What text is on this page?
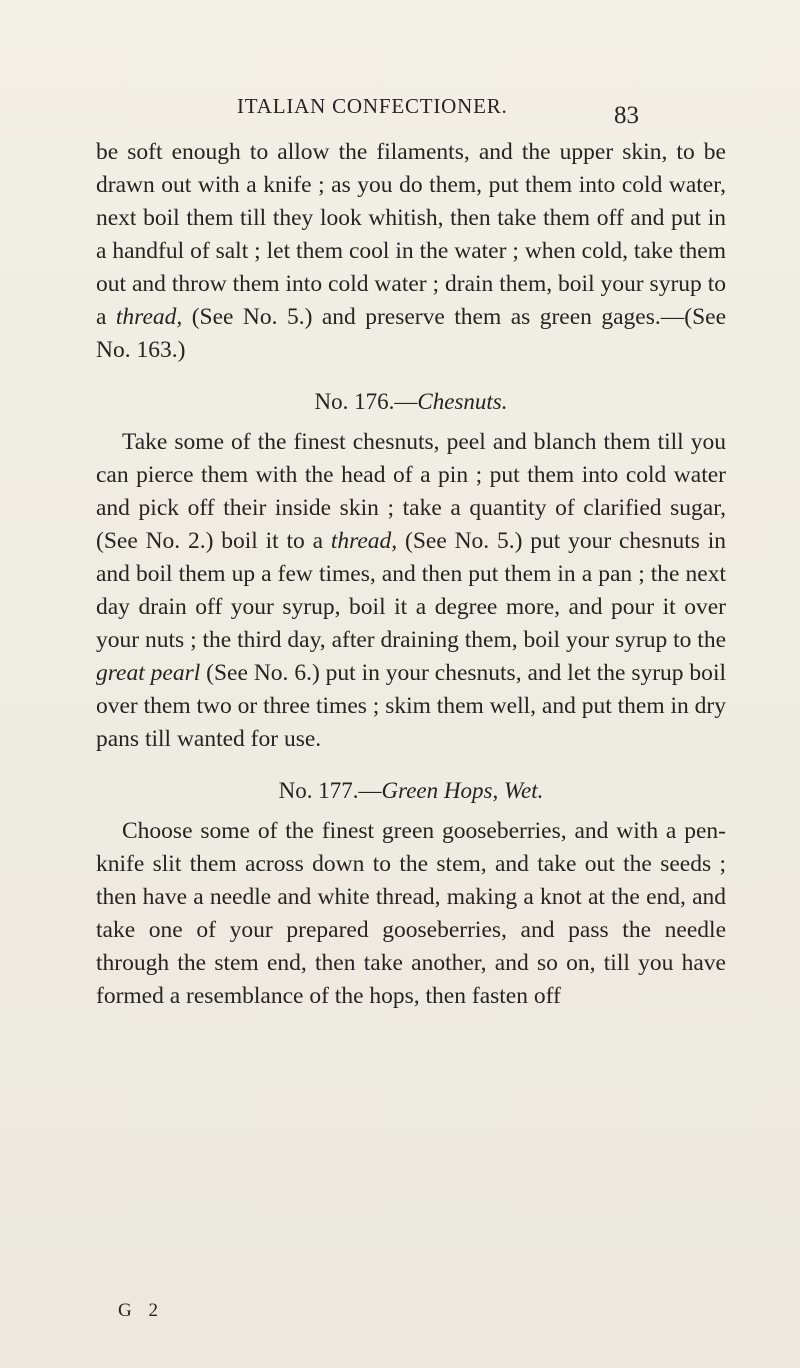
ITALIAN CONFECTIONER.	83

be soft enough to allow the filaments, and the upper skin, to be drawn out with a knife ; as you do them, put them into cold water, next boil them till they look whitish, then take them off and put in a handful of salt ; let them cool in the water ; when cold, take them out and throw them into cold water ; drain them, boil your syrup to a thread, (See No. 5.) and preserve them as green gages.—(See No. 163.)

No. 176.—Chesnuts.

Take some of the finest chesnuts, peel and blanch them till you can pierce them with the head of a pin ; put them into cold water and pick off their inside skin ; take a quantity of clarified sugar, (See No. 2.) boil it to a thread, (See No. 5.) put your chesnuts in and boil them up a few times, and then put them in a pan ; the next day drain off your syrup, boil it a degree more, and pour it over your nuts ; the third day, after draining them, boil your syrup to the great pearl (See No. 6.) put in your chesnuts, and let the syrup boil over them two or three times ; skim them well, and put them in dry pans till wanted for use.

No. 177.—Green Hops, Wet.

Choose some of the finest green gooseberries, and with a pen-knife slit them across down to the stem, and take out the seeds ; then have a needle and white thread, making a knot at the end, and take one of your prepared gooseberries, and pass the needle through the stem end, then take another, and so on, till you have formed a resemblance of the hops, then fasten off

G 2
